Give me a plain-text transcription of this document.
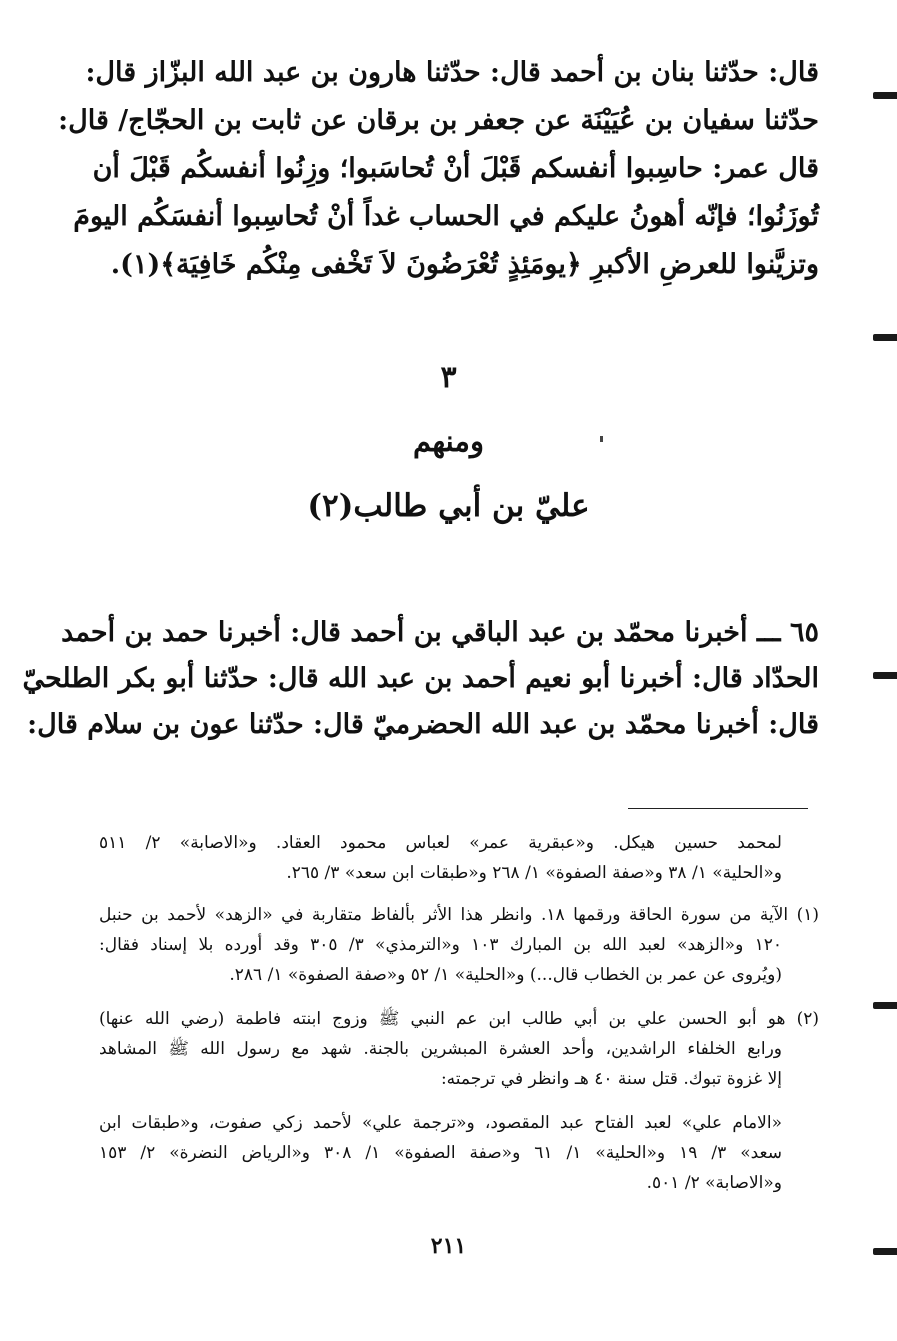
قال: حدّثنا بنان بن أحمد قال: حدّثنا هارون بن عبد الله البزّاز قال:
حدّثنا سفيان بن عُيَيْنَة عن جعفر بن برقان عن ثابت بن الحجّاج/ قال:
قال عمر: حاسِبوا أنفسكم قَبْلَ أنْ تُحاسَبوا؛ وزِنُوا أنفسكُم قَبْلَ أن
تُوزَنُوا؛ فإنّه أهونُ عليكم في الحساب غداً أنْ تُحاسِبوا أنفسَكُم اليومَ
وتزيَّنوا للعرضِ الأكبرِ ﴿يومَئِذٍ تُعْرَضُونَ لاَ تَخْفى مِنْكُم خَافِيَة﴾(١).
٣
ومنهم
عليّ بن أبي طالب(٢)
٦٥ ـــ أخبرنا محمّد بن عبد الباقي بن أحمد قال: أخبرنا حمد بن أحمد
الحدّاد قال: أخبرنا أبو نعيم أحمد بن عبد الله قال: حدّثنا أبو بكر الطلحيّ
قال: أخبرنا محمّد بن عبد الله الحضرميّ قال: حدّثنا عون بن سلام قال:
لمحمد حسين هيكل. و«عبقرية عمر» لعباس محمود العقاد. و«الاصابة» ٢/ ٥١١
و«الحلية» ١/ ٣٨ و«صفة الصفوة» ١/ ٢٦٨ و«طبقات ابن سعد» ٣/ ٢٦٥.
(١) الآية من سورة الحاقة ورقمها ١٨. وانظر هذا الأثر بألفاظ متقاربة في «الزهد» لأحمد بن حنبل
١٢٠ و«الزهد» لعبد الله بن المبارك ١٠٣ و«الترمذي» ٣/ ٣٠٥ وقد أورده بلا إسناد فقال:
(ويُروى عن عمر بن الخطاب قال...) و«الحلية» ١/ ٥٢ و«صفة الصفوة» ١/ ٢٨٦.
(٢) هو أبو الحسن علي بن أبي طالب ابن عم النبي ﷺ وزوج ابنته فاطمة (رضي الله عنها)
ورابع الخلفاء الراشدين، وأحد العشرة المبشرين بالجنة. شهد مع رسول الله ﷺ المشاهد
إلا غزوة تبوك. قتل سنة ٤٠ هـ وانظر في ترجمته:
«الامام علي» لعبد الفتاح عبد المقصود، و«ترجمة علي» لأحمد زكي صفوت، و«طبقات ابن
سعد» ٣/ ١٩ و«الحلية» ١/ ٦١ و«صفة الصفوة» ١/ ٣٠٨ و«الرياض النضرة» ٢/ ١٥٣
و«الاصابة» ٢/ ٥٠١.
٢١١
